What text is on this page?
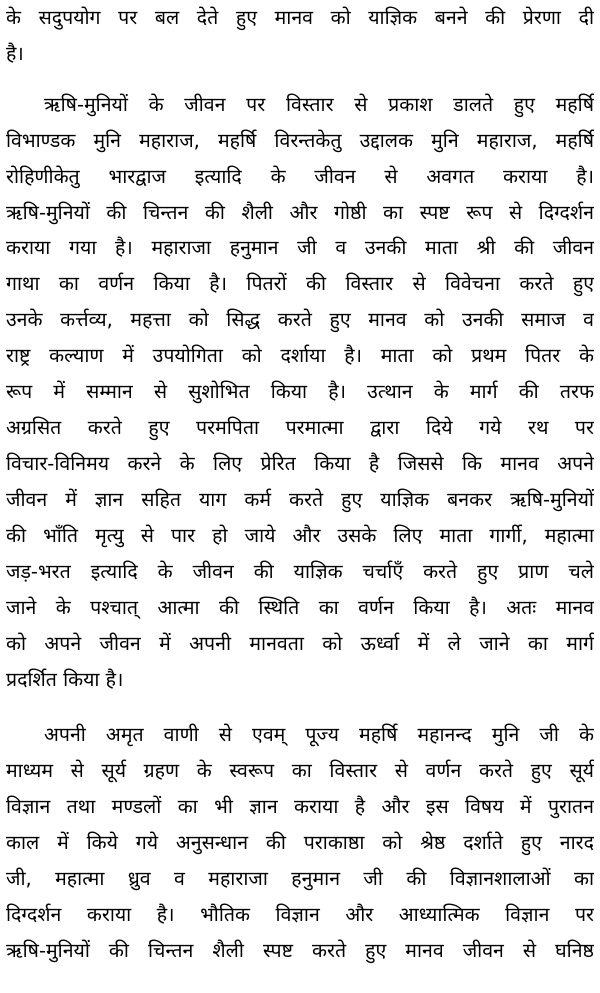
के सदुपयोग पर बल देते हुए मानव को याज्ञिक बनने की प्रेरणा दी
है।
ऋषि-मुनियों के जीवन पर विस्तार से प्रकाश डालते हुए महर्षि
विभाण्डक मुनि महाराज, महर्षि विरन्तकेतु उद्दालक मुनि महाराज, महर्षि
रोहिणीकेतु भारद्वाज इत्यादि के जीवन से अवगत कराया है।
ऋषि-मुनियों की चिन्तन की शैली और गोष्ठी का स्पष्ट रूप से दिग्दर्शन
कराया गया है। महाराजा हनुमान जी व उनकी माता श्री की जीवन
गाथा का वर्णन किया है। पितरों की विस्तार से विवेचना करते हुए
उनके कर्त्तव्य, महत्ता को सिद्ध करते हुए मानव को उनकी समाज व
राष्ट्र कल्याण में उपयोगिता को दर्शाया है। माता को प्रथम पितर के
रूप में सम्मान से सुशोभित किया है। उत्थान के मार्ग की तरफ
अग्रसित करते हुए परमपिता परमात्मा द्वारा दिये गये रथ पर
विचार-विनिमय करने के लिए प्रेरित किया है जिससे कि मानव अपने
जीवन में ज्ञान सहित याग कर्म करते हुए याज्ञिक बनकर ऋषि-मुनियों
की भाँति मृत्यु से पार हो जाये और उसके लिए माता गार्गी, महात्मा
जड़-भरत इत्यादि के जीवन की याज्ञिक चर्चाएँ करते हुए प्राण चले
जाने के पश्चात् आत्मा की स्थिति का वर्णन किया है। अतः मानव
को अपने जीवन में अपनी मानवता को ऊर्ध्वा में ले जाने का मार्ग
प्रदर्शित किया है।
अपनी अमृत वाणी से एवम् पूज्य महर्षि महानन्द मुनि जी के
माध्यम से सूर्य ग्रहण के स्वरूप का विस्तार से वर्णन करते हुए सूर्य
विज्ञान तथा मण्डलों का भी ज्ञान कराया है और इस विषय में पुरातन
काल में किये गये अनुसन्धान की पराकाष्ठा को श्रेष्ठ दर्शाते हुए नारद
जी, महात्मा ध्रुव व महाराजा हनुमान जी की विज्ञानशालाओं का
दिग्दर्शन कराया है। भौतिक विज्ञान और आध्यात्मिक विज्ञान पर
ऋषि-मुनियों की चिन्तन शैली स्पष्ट करते हुए मानव जीवन से घनिष्ठ
